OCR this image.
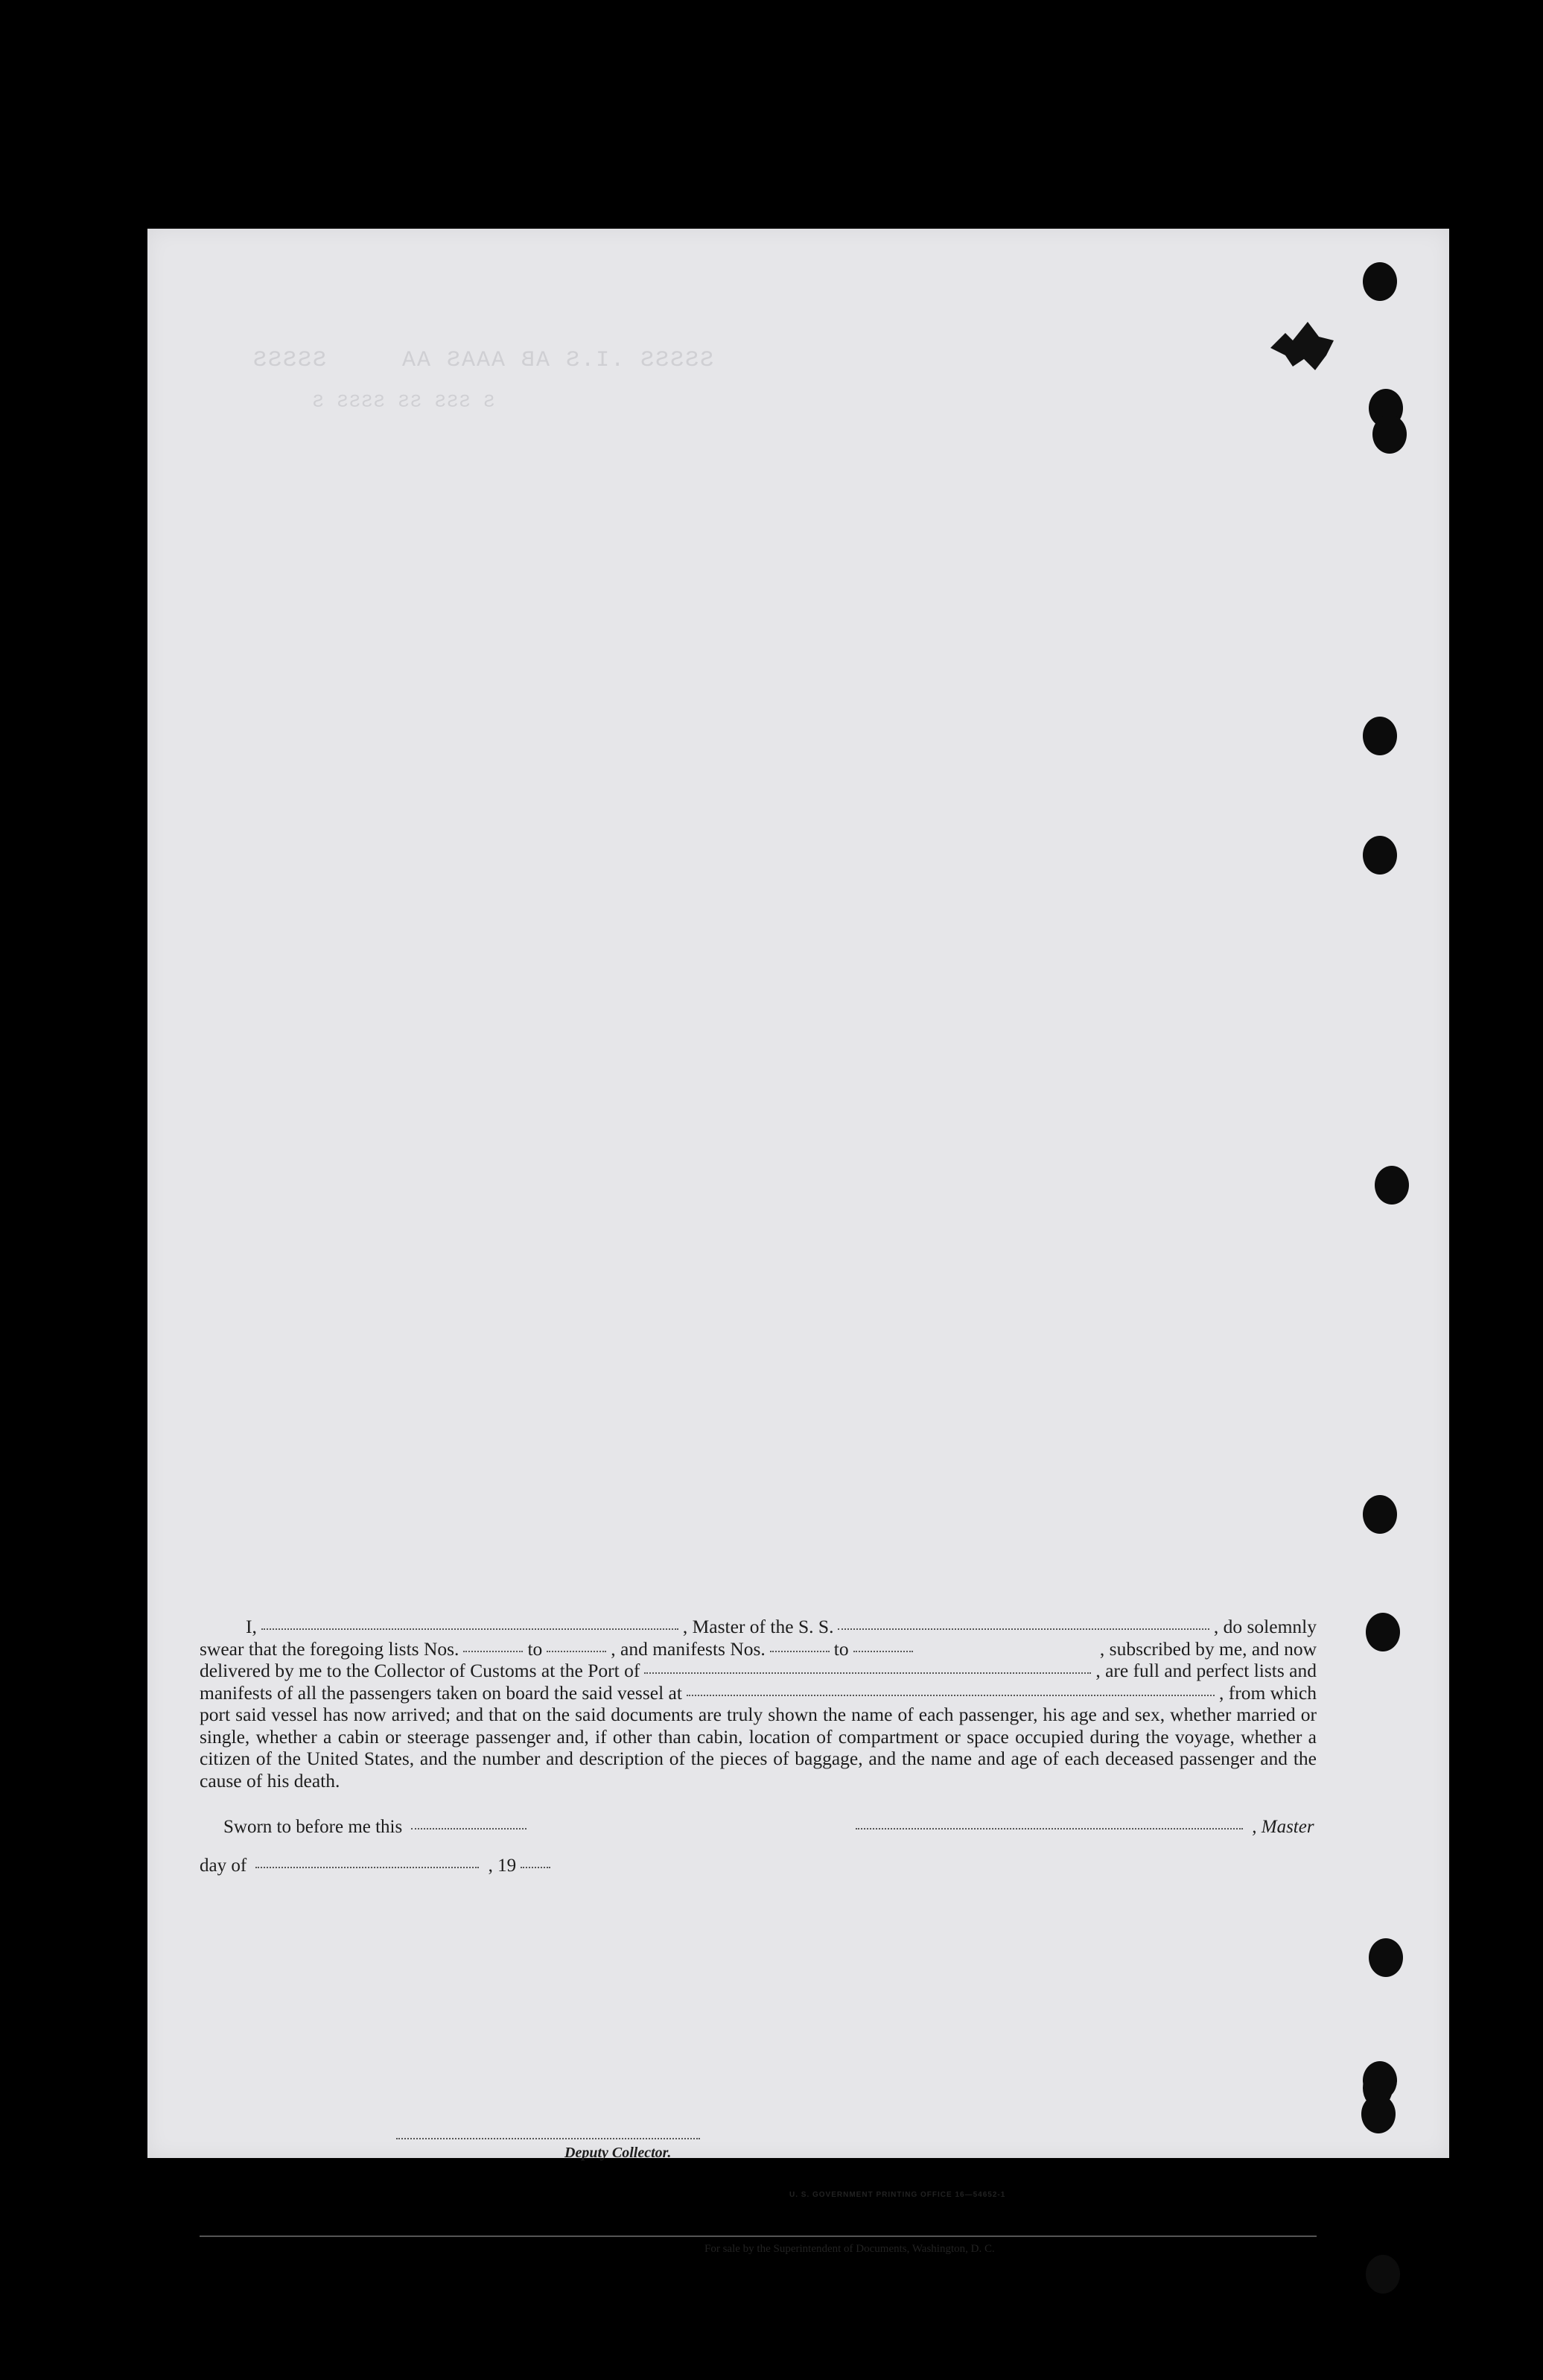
SSSSS .I.S AB AAAS AA     SSSSS
S SSS SS SSSS S
I,	, Master of the S. S.	, do solemnly
swear that the foregoing lists Nos.	to	, and manifests Nos.	to	, subscribed by me, and now
delivered by me to the Collector of Customs at the Port of	, are full and perfect lists and
manifests of all the passengers taken on board the said vessel at	, from which
port said vessel has now arrived; and that on the said documents are truly shown the name of each passenger, his age and sex, whether married or single, whether a cabin or steerage passenger and, if other than cabin, location of compartment or space occupied during the voyage, whether a citizen of the United States, and the number and description of the pieces of baggage, and the name and age of each deceased passenger and the cause of his death.
Sworn to before me this	, Master
day of	, 19
Deputy Collector.
U. S. GOVERNMENT PRINTING OFFICE 16—54652-1
For sale by the Superintendent of Documents, Washington, D. C.
